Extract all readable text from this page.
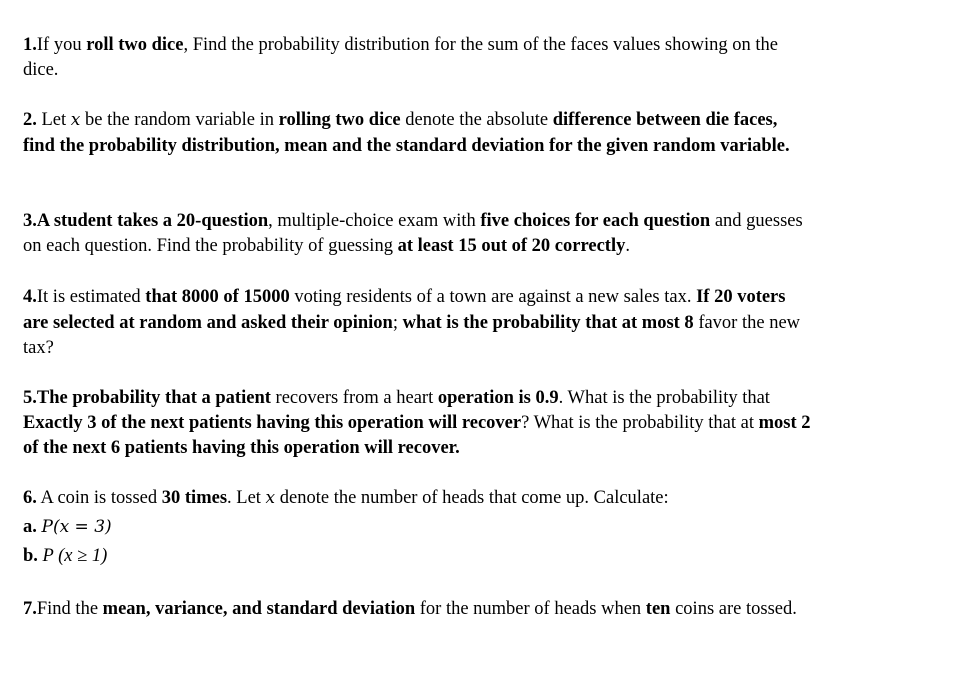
1.If you roll two dice, Find the probability distribution for the sum of the faces values showing on the
dice.
2. Let x be the random variable in rolling two dice denote the absolute difference between die faces,
find the probability distribution, mean and the standard deviation for the given random variable.
3.A student takes a 20-question, multiple-choice exam with five choices for each question and guesses
on each question. Find the probability of guessing at least 15 out of 20 correctly.
4.It is estimated that 8000 of 15000 voting residents of a town are against a new sales tax. If 20 voters
are selected at random and asked their opinion; what is the probability that at most 8 favor the new
tax?
5.The probability that a patient recovers from a heart operation is 0.9. What is the probability that
Exactly 3 of the next patients having this operation will recover? What is the probability that at most 2
of the next 6 patients having this operation will recover.
6. A coin is tossed 30 times. Let x denote the number of heads that come up. Calculate:
a. P(x = 3)
b. P (x ≥ 1)
7.Find the mean, variance, and standard deviation for the number of heads when ten coins are tossed.
